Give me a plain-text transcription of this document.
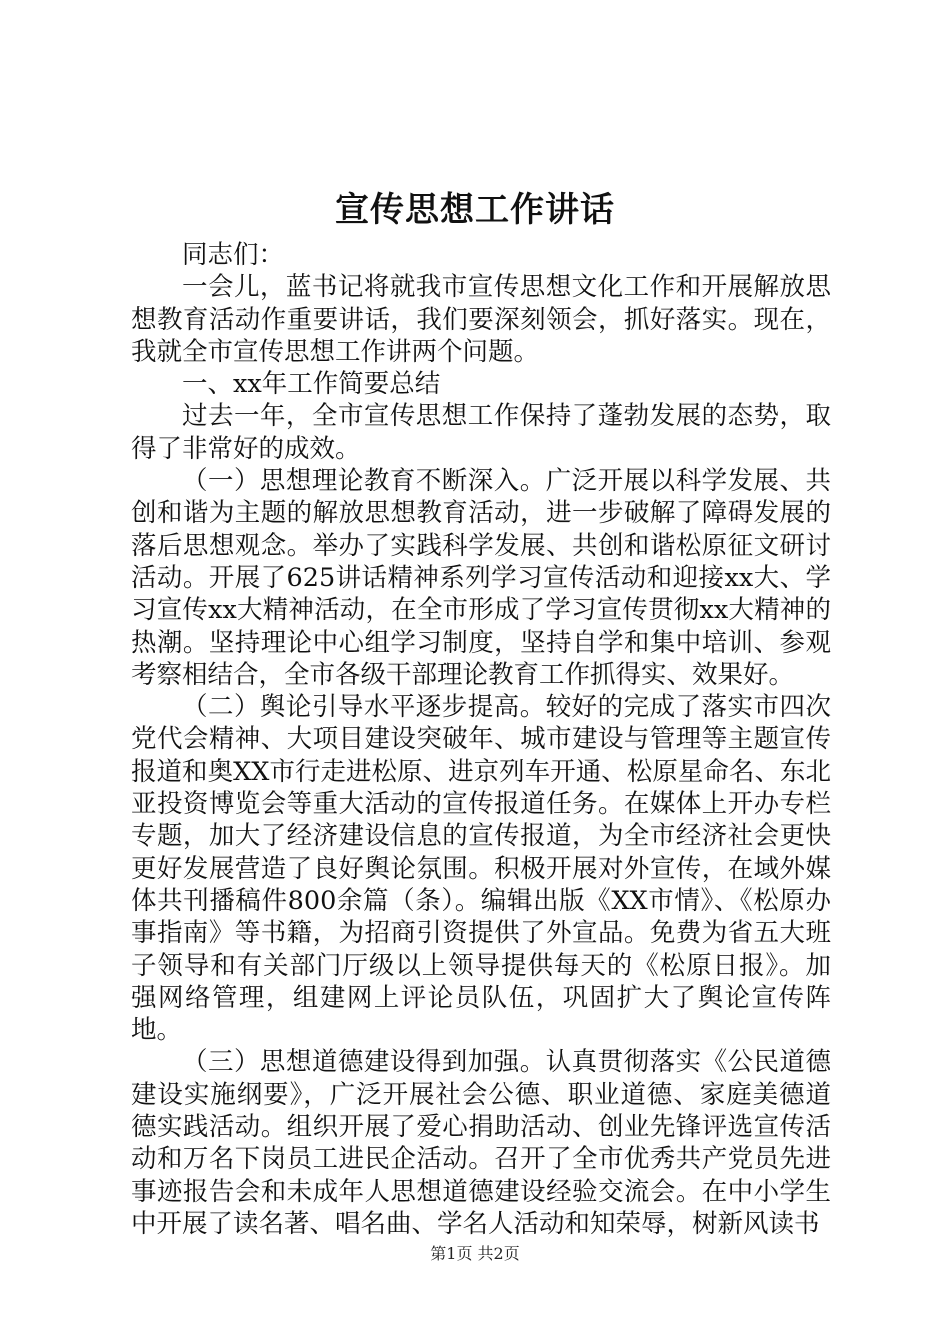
宣传思想工作讲话

同志们：

一会儿，蓝书记将就我市宣传思想文化工作和开展解放思想教育活动作重要讲话，我们要深刻领会，抓好落实。现在，我就全市宣传思想工作讲两个问题。

一、xx年工作简要总结

过去一年，全市宣传思想工作保持了蓬勃发展的态势，取得了非常好的成效。

（一）思想理论教育不断深入。广泛开展以科学发展、共创和谐为主题的解放思想教育活动，进一步破解了障碍发展的落后思想观念。举办了实践科学发展、共创和谐松原征文研讨活动。开展了625讲话精神系列学习宣传活动和迎接xx大、学习宣传xx大精神活动，在全市形成了学习宣传贯彻xx大精神的热潮。坚持理论中心组学习制度，坚持自学和集中培训、参观考察相结合，全市各级干部理论教育工作抓得实、效果好。

（二）舆论引导水平逐步提高。较好的完成了落实市四次党代会精神、大项目建设突破年、城市建设与管理等主题宣传报道和奥XX市行走进松原、进京列车开通、松原星命名、东北亚投资博览会等重大活动的宣传报道任务。在媒体上开办专栏专题，加大了经济建设信息的宣传报道，为全市经济社会更快更好发展营造了良好舆论氛围。积极开展对外宣传，在域外媒体共刊播稿件800余篇（条）。编辑出版《XX市情》、《松原办事指南》等书籍，为招商引资提供了外宣品。免费为省五大班子领导和有关部门厅级以上领导提供每天的《松原日报》。加强网络管理，组建网上评论员队伍，巩固扩大了舆论宣传阵地。

（三）思想道德建设得到加强。认真贯彻落实《公民道德建设实施纲要》，广泛开展社会公德、职业道德、家庭美德道德实践活动。组织开展了爱心捐助活动、创业先锋评选宣传活动和万名下岗员工进民企活动。召开了全市优秀共产党员先进事迹报告会和未成年人思想道德建设经验交流会。在中小学生中开展了读名著、唱名曲、学名人活动和知荣辱，树新风读书

第1页 共2页
